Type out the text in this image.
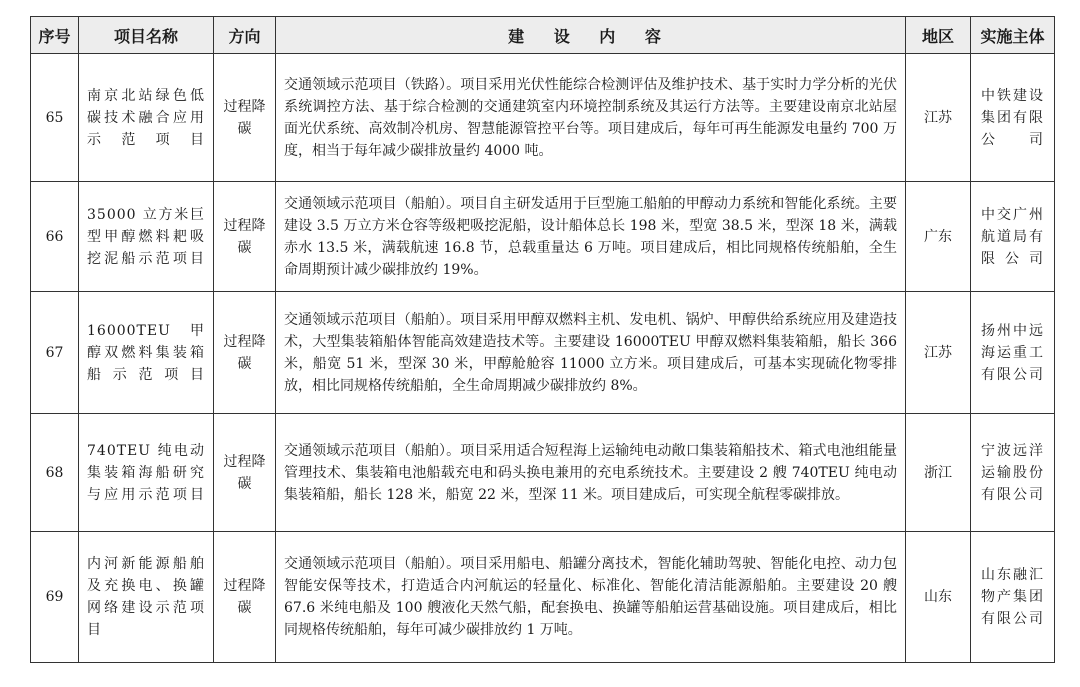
序号	项目名称	方向	建 设 内 容	地区	实施主体
65	南京北站绿色低碳技术融合应用示范项目	过程降碳	交通领域示范项目（铁路）。项目采用光伏性能综合检测评估及维护技术、基于实时力学分析的光伏系统调控方法、基于综合检测的交通建筑室内环境控制系统及其运行方法等。主要建设南京北站屋面光伏系统、高效制冷机房、智慧能源管控平台等。项目建成后，每年可再生能源发电量约 700 万度，相当于每年减少碳排放量约 4000 吨。	江苏	中铁建设集团有限公司
66	35000 立方米巨型甲醇燃料耙吸挖泥船示范项目	过程降碳	交通领域示范项目（船舶）。项目自主研发适用于巨型施工船舶的甲醇动力系统和智能化系统。主要建设 3.5 万立方米仓容等级耙吸挖泥船，设计船体总长 198 米，型宽 38.5 米，型深 18 米，满载赤水 13.5 米，满载航速 16.8 节，总载重量达 6 万吨。项目建成后，相比同规格传统船舶，全生命周期预计减少碳排放约 19%。	广东	中交广州航道局有限公司
67	16000TEU 甲醇双燃料集装箱船示范项目	过程降碳	交通领域示范项目（船舶）。项目采用甲醇双燃料主机、发电机、锅炉、甲醇供给系统应用及建造技术，大型集装箱船体智能高效建造技术等。主要建设 16000TEU 甲醇双燃料集装箱船，船长 366 米，船宽 51 米，型深 30 米，甲醇舱舱容 11000 立方米。项目建成后，可基本实现硫化物零排放，相比同规格传统船舶，全生命周期减少碳排放约 8%。	江苏	扬州中远海运重工有限公司
68	740TEU 纯电动集装箱海船研究与应用示范项目	过程降碳	交通领域示范项目（船舶）。项目采用适合短程海上运输纯电动敞口集装箱船技术、箱式电池组能量管理技术、集装箱电池船载充电和码头换电兼用的充电系统技术。主要建设 2 艘 740TEU 纯电动集装箱船，船长 128 米，船宽 22 米，型深 11 米。项目建成后，可实现全航程零碳排放。	浙江	宁波远洋运输股份有限公司
69	内河新能源船舶及充换电、换罐网络建设示范项目	过程降碳	交通领域示范项目（船舶）。项目采用船电、船罐分离技术，智能化辅助驾驶、智能化电控、动力包智能安保等技术，打造适合内河航运的轻量化、标准化、智能化清洁能源船舶。主要建设 20 艘 67.6 米纯电船及 100 艘液化天然气船，配套换电、换罐等船舶运营基础设施。项目建成后，相比同规格传统船舶，每年可减少碳排放约 1 万吨。	山东	山东融汇物产集团有限公司
